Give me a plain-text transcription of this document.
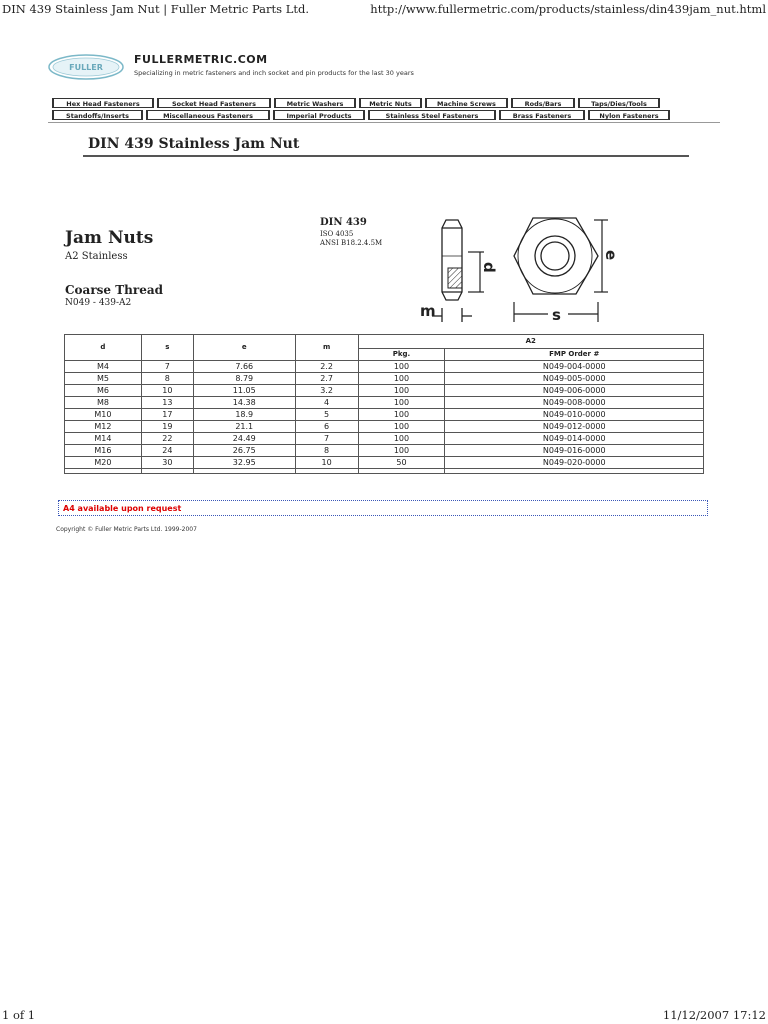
DIN 439 Stainless Jam Nut | Fuller Metric Parts Ltd.	http://www.fullermetric.com/products/stainless/din439jam_nut.html
FULLER
FULLERMETRIC.COM
Specializing in metric fasteners and inch socket and pin products for the last 30 years
Hex Head Fasteners	Socket Head Fasteners	Metric Washers	Metric Nuts	Machine Screws	Rods/Bars	Taps/Dies/Tools
Standoffs/Inserts	Miscellaneous Fasteners	Imperial Products	Stainless Steel Fasteners	Brass Fasteners	Nylon Fasteners
DIN 439 Stainless Jam Nut
Jam Nuts
A2 Stainless
Coarse Thread
N049 - 439-A2
DIN 439
ISO 4035
ANSI B18.2.4.5M
m
d
e
s
d	s	e	m	A2	
				Pkg.	FMP Order #
M4	7	7.66	2.2	100	N049-004-0000
M5	8	8.79	2.7	100	N049-005-0000
M6	10	11.05	3.2	100	N049-006-0000
M8	13	14.38	4	100	N049-008-0000
M10	17	18.9	5	100	N049-010-0000
M12	19	21.1	6	100	N049-012-0000
M14	22	24.49	7	100	N049-014-0000
M16	24	26.75	8	100	N049-016-0000
M20	30	32.95	10	50	N049-020-0000

A4 available upon request
Copyright © Fuller Metric Parts Ltd. 1999-2007
1 of 1	11/12/2007 17:12
